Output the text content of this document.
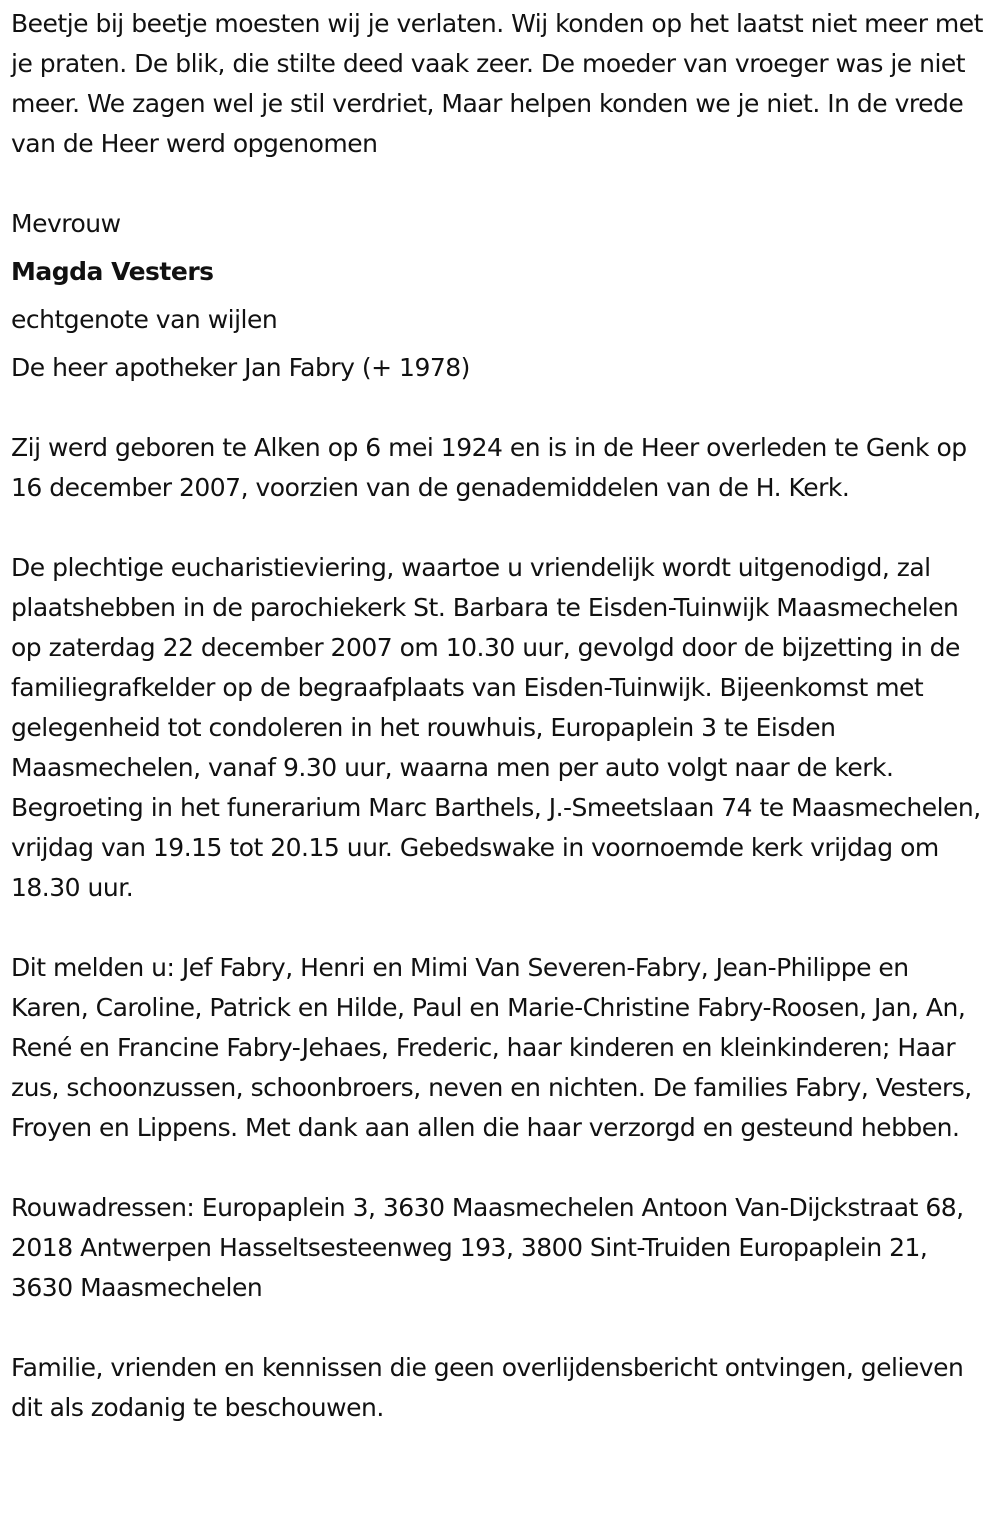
Beetje bij beetje moesten wij je verlaten. Wij konden op het laatst niet meer met je praten. De blik, die stilte deed vaak zeer. De moeder van vroeger was je niet meer. We zagen wel je stil verdriet, Maar helpen konden we je niet. In de vrede van de Heer werd opgenomen

Mevrouw
Magda Vesters
echtgenote van wijlen
De heer apotheker Jan Fabry (+ 1978)

Zij werd geboren te Alken op 6 mei 1924 en is in de Heer overleden te Genk op 16 december 2007, voorzien van de genademiddelen van de H. Kerk.

De plechtige eucharistieviering, waartoe u vriendelijk wordt uitgenodigd, zal plaatshebben in de parochiekerk St. Barbara te Eisden-Tuinwijk Maasmechelen op zaterdag 22 december 2007 om 10.30 uur, gevolgd door de bijzetting in de familiegrafkelder op de begraafplaats van Eisden-Tuinwijk. Bijeenkomst met gelegenheid tot condoleren in het rouwhuis, Europaplein 3 te Eisden Maasmechelen, vanaf 9.30 uur, waarna men per auto volgt naar de kerk. Begroeting in het funerarium Marc Barthels, J.-Smeetslaan 74 te Maasmechelen, vrijdag van 19.15 tot 20.15 uur. Gebedswake in voornoemde kerk vrijdag om 18.30 uur.

Dit melden u: Jef Fabry, Henri en Mimi Van Severen-Fabry, Jean-Philippe en Karen, Caroline, Patrick en Hilde, Paul en Marie-Christine Fabry-Roosen, Jan, An, René en Francine Fabry-Jehaes, Frederic, haar kinderen en kleinkinderen; Haar zus, schoonzussen, schoonbroers, neven en nichten. De families Fabry, Vesters, Froyen en Lippens. Met dank aan allen die haar verzorgd en gesteund hebben.

Rouwadressen: Europaplein 3, 3630 Maasmechelen Antoon Van-Dijckstraat 68, 2018 Antwerpen Hasseltsesteenweg 193, 3800 Sint-Truiden Europaplein 21, 3630 Maasmechelen

Familie, vrienden en kennissen die geen overlijdensbericht ontvingen, gelieven dit als zodanig te beschouwen.
